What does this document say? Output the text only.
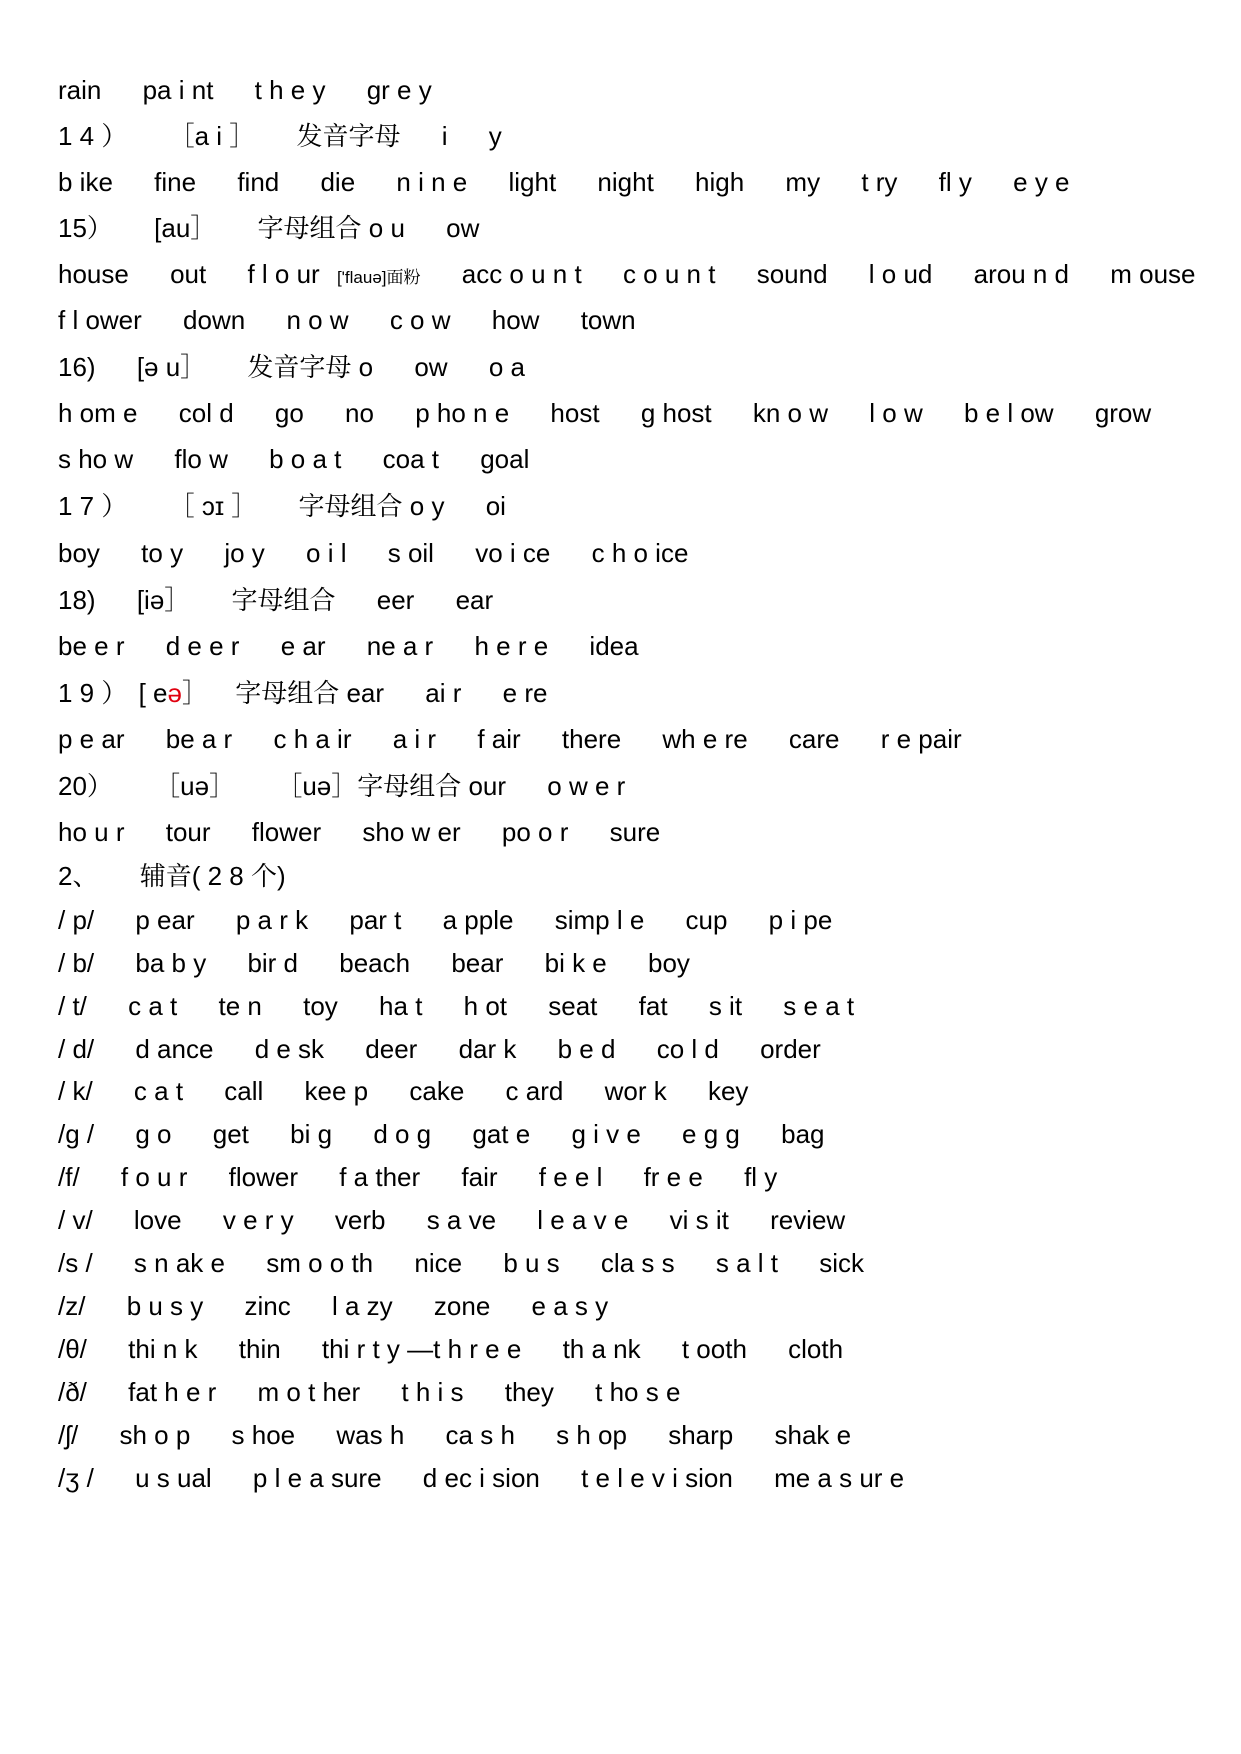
rain pa i nt t h e y gr e y
1 4 ） ［a i ］ 发音字母 i y
b ike fine find die n i n e light night high my t ry fl y e y e
15） [au］ 字母组合 o u ow
house out f l o ur ['flauə]面粉 acc o u n t c o u n t sound l o ud arou n d m ouse
f l ower down n o w c o w how town
16) [ə u］ 发音字母 o ow o a
h om e col d go no p ho n e host g host kn o w l o w b e l ow grow
s ho w flo w b o a t coa t goal
1 7 ） ［ ɔɪ ］ 字母组合 o y oi
boy to y jo y o i l s oil vo i ce c h o ice
18) [iə］ 字母组合 eer ear
be e r d e e r e ar ne a r h e r e idea
1 9 ） [ eə］ 字母组合 ear ai r e re
p e ar be a r c h a ir a i r f air there wh e re care r e pair
20） ［uə］ ［uə］字母组合 our o w e r
ho u r tour flower sho w er po o r sure
2、 辅音( 2 8 个)
/ p/ p ear p a r k par t a pple simp l e cup p i pe
/ b/ ba b y bir d beach bear bi k e boy
/ t/ c a t te n toy ha t h ot seat fat s it s e a t
/ d/ d ance d e sk deer dar k b e d co l d order
/ k/ c a t call kee p cake c ard wor k key
/g / g o get bi g d o g gat e g i v e e g g bag
/f/ f o u r flower f a ther fair f e e l fr e e fl y
/ v/ love v e r y verb s a ve l e a v e vi s it review
/s / s n ak e sm o o th nice b u s cla s s s a l t sick
/z/ b u s y zinc l a zy zone e a s y
/θ/ thi n k thin thi r t y —t h r e e th a nk t ooth cloth
/ð/ fat h e r m o t her t h i s they t ho s e
/ʃ/ sh o p s hoe was h ca s h s h op sharp shak e
/ʒ / u s ual p l e a sure d ec i sion t e l e v i sion me a s ur e
